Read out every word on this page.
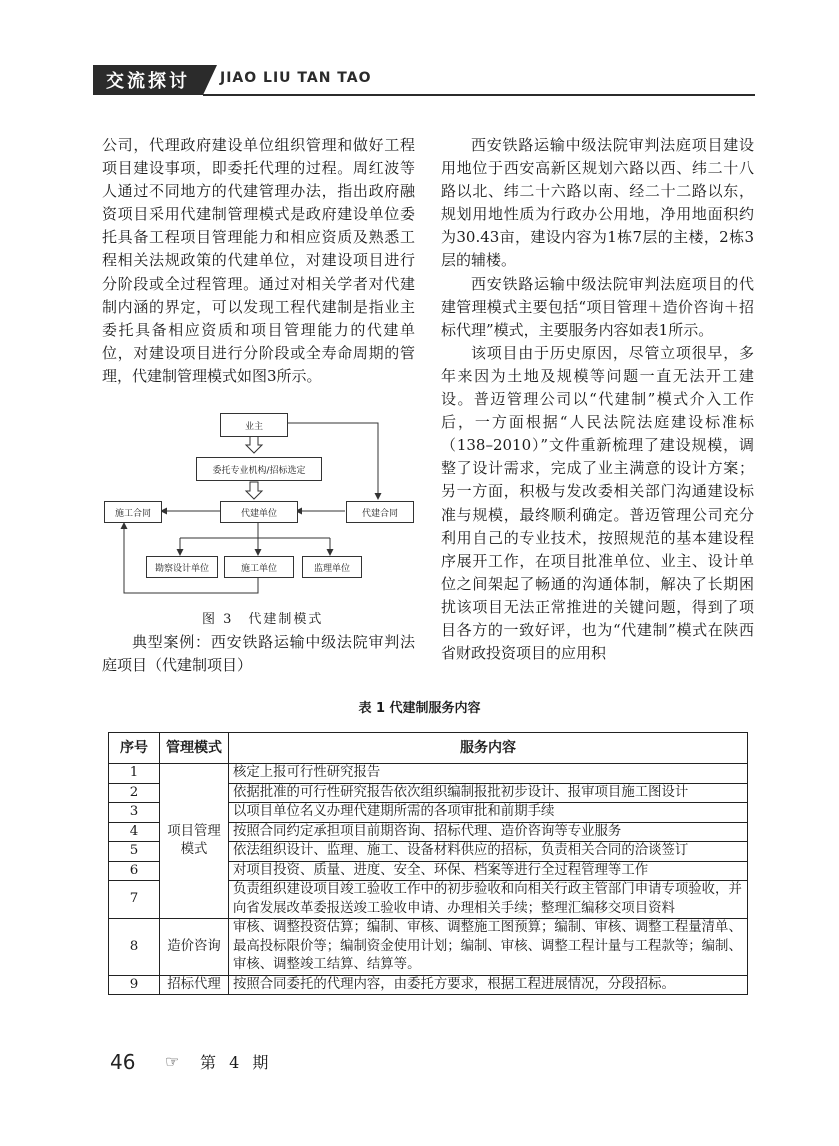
交流探讨	JIAO LIU TAN TAO

公司，代理政府建设单位组织管理和做好工程项目建设事项，即委托代理的过程。周红波等人通过不同地方的代建管理办法，指出政府融资项目采用代建制管理模式是政府建设单位委托具备工程项目管理能力和相应资质及熟悉工程相关法规政策的代建单位，对建设项目进行分阶段或全过程管理。通过对相关学者对代建制内涵的界定，可以发现工程代建制是指业主委托具备相应资质和项目管理能力的代建单位，对建设项目进行分阶段或全寿命周期的管理，代建制管理模式如图3所示。

业主
委托专业机构/招标选定
代建单位
施工合同	代建合同
勘察设计单位	施工单位	监理单位
图 3　代建制模式

典型案例：西安铁路运输中级法院审判法庭项目（代建制项目）

西安铁路运输中级法院审判法庭项目建设用地位于西安高新区规划六路以西、纬二十八路以北、纬二十六路以南、经二十二路以东，规划用地性质为行政办公用地，净用地面积约为30.43亩，建设内容为1栋7层的主楼，2栋3层的辅楼。

西安铁路运输中级法院审判法庭项目的代建管理模式主要包括“项目管理＋造价咨询＋招标代理”模式，主要服务内容如表1所示。

该项目由于历史原因，尽管立项很早，多年来因为土地及规模等问题一直无法开工建设。普迈管理公司以“代建制”模式介入工作后，一方面根据“人民法院法庭建设标准标（138–2010）”文件重新梳理了建设规模，调整了设计需求，完成了业主满意的设计方案；另一方面，积极与发改委相关部门沟通建设标准与规模，最终顺利确定。普迈管理公司充分利用自己的专业技术，按照规范的基本建设程序展开工作，在项目批准单位、业主、设计单位之间架起了畅通的沟通体制，解决了长期困扰该项目无法正常推进的关键问题，得到了项目各方的一致好评，也为“代建制”模式在陕西省财政投资项目的应用积

表 1 代建制服务内容
序号	管理模式	服务内容
1	项目管理模式	核定上报可行性研究报告
2		依据批准的可行性研究报告依次组织编制报批初步设计、报审项目施工图设计
3		以项目单位名义办理代建期所需的各项审批和前期手续
4		按照合同约定承担项目前期咨询、招标代理、造价咨询等专业服务
5		依法组织设计、监理、施工、设备材料供应的招标，负责相关合同的洽谈签订
6		对项目投资、质量、进度、安全、环保、档案等进行全过程管理等工作
7		负责组织建设项目竣工验收工作中的初步验收和向相关行政主管部门申请专项验收，并向省发展改革委报送竣工验收申请、办理相关手续；整理汇编移交项目资料
8	造价咨询	审核、调整投资估算；编制、审核、调整施工图预算；编制、审核、调整工程量清单、最高投标限价等；编制资金使用计划；编制、审核、调整工程计量与工程款等；编制、审核、调整竣工结算、结算等。
9	招标代理	按照合同委托的代理内容，由委托方要求，根据工程进展情况，分段招标。
46 ☞ 第 4 期
